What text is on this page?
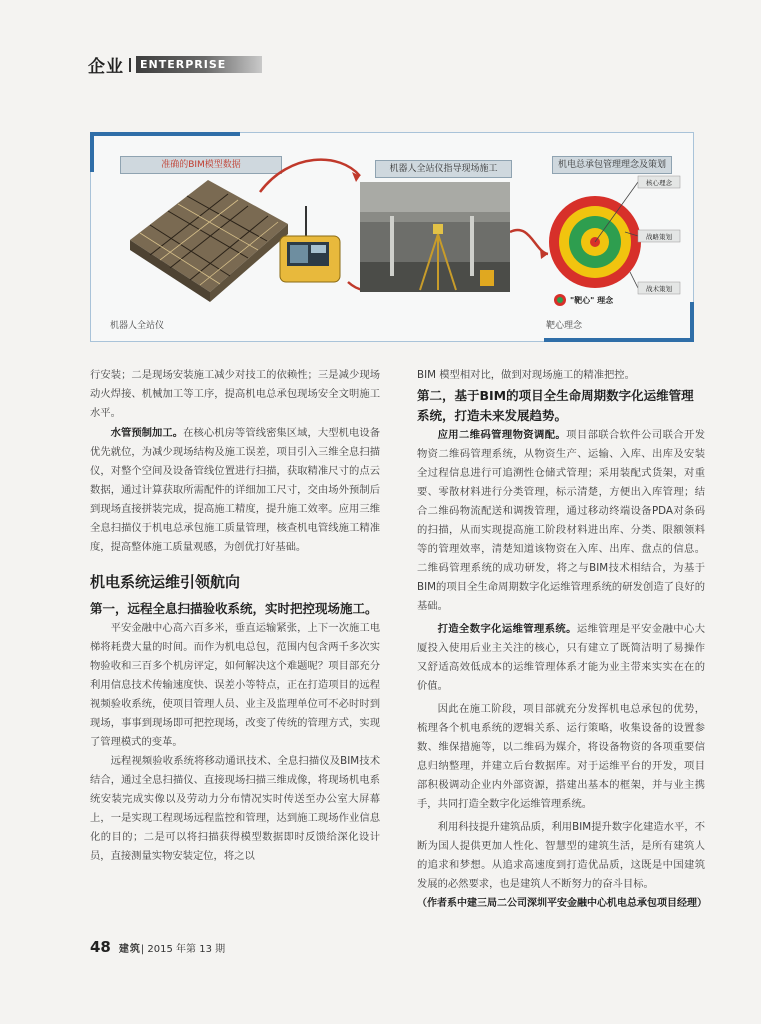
企业	ENTERPRISE
准确的BIM模型数据	机器人全站仪指导现场施工	机电总承包管理理念及策划
核心理念
战略策划
战术策划
"靶心" 理念
机器人全站仪	靶心理念

行安装；二是现场安装施工减少对技工的依赖性；三是减少现场动火焊接、机械加工等工序，提高机电总承包现场安全文明施工水平。

水管预制加工。在核心机房等管线密集区域，大型机电设备优先就位，为减少现场结构及施工误差，项目引入三维全息扫描仪，对整个空间及设备管线位置进行扫描，获取精准尺寸的点云数据，通过计算获取所需配件的详细加工尺寸，交由场外预制后到现场直接拼装完成，提高施工精度，提升施工效率。应用三维全息扫描仪于机电总承包施工质量管理，核查机电管线施工精准度，提高整体施工质量观感，为创优打好基础。

机电系统运维引领航向
第一，远程全息扫描验收系统，实时把控现场施工。

平安金融中心高六百多米，垂直运输紧张，上下一次施工电梯将耗费大量的时间。而作为机电总包，范围内包含两千多次实物验收和三百多个机房评定，如何解决这个难题呢？项目部充分利用信息技术传输速度快、误差小等特点，正在打造项目的远程视频验收系统，使项目管理人员、业主及监理单位可不必时时到现场，事事到现场即可把控现场，改变了传统的管理方式，实现了管理模式的变革。

远程视频验收系统将移动通讯技术、全息扫描仪及BIM技术结合，通过全息扫描仪、直接现场扫描三维成像，将现场机电系统安装完成实像以及劳动力分布情况实时传送至办公室大屏幕上，一是实现工程现场远程监控和管理，达到施工现场作业信息化的目的；二是可以将扫描获得模型数据即时反馈给深化设计员，直接测量实物安装定位，将之以

BIM 模型相对比，做到对现场施工的精准把控。

第二，基于BIM的项目全生命周期数字化运维管理系统，打造未来发展趋势。

应用二维码管理物资调配。项目部联合软件公司联合开发物资二维码管理系统，从物资生产、运输、入库、出库及安装全过程信息进行可追溯性仓储式管理；采用装配式货架，对重要、零散材料进行分类管理，标示清楚，方便出入库管理；结合二维码物流配送和调拨管理，通过移动终端设备PDA对条码的扫描，从而实现提高施工阶段材料进出库、分类、限额领料等的管理效率，清楚知道该物资在入库、出库、盘点的信息。二维码管理系统的成功研发，将之与BIM技术相结合，为基于BIM的项目全生命周期数字化运维管理系统的研发创造了良好的基础。

打造全数字化运维管理系统。运维管理是平安金融中心大厦投入使用后业主关注的核心，只有建立了既简洁明了易操作又舒适高效低成本的运维管理体系才能为业主带来实实在在的价值。

因此在施工阶段，项目部就充分发挥机电总承包的优势，梳理各个机电系统的逻辑关系、运行策略，收集设备的设置参数、维保措施等，以二维码为媒介，将设备物资的各项重要信息归纳整理，并建立后台数据库。对于运维平台的开发，项目部积极调动企业内外部资源，搭建出基本的框架，并与业主携手，共同打造全数字化运维管理系统。

利用科技提升建筑品质，利用BIM提升数字化建造水平，不断为国人提供更加人性化、智慧型的建筑生活，是所有建筑人的追求和梦想。从追求高速度到打造优品质，这既是中国建筑发展的必然要求，也是建筑人不断努力的奋斗目标。

（作者系中建三局二公司深圳平安金融中心机电总承包项目经理）

48 建筑 | 2015 年第 13 期
